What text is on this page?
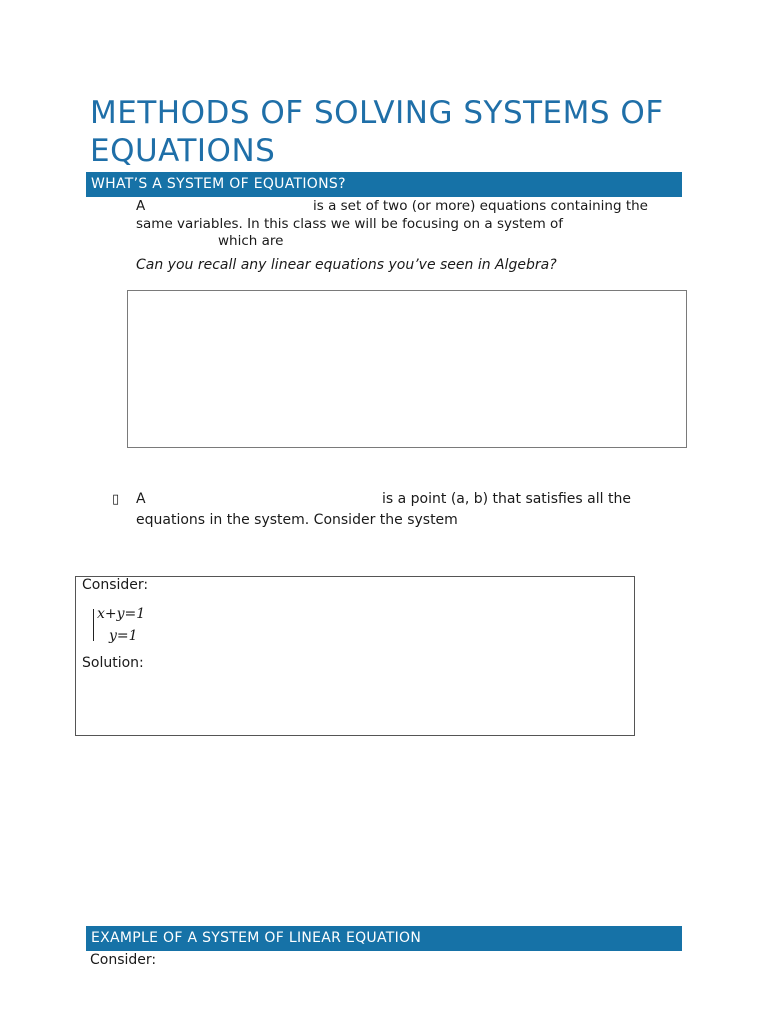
METHODS OF SOLVING SYSTEMS OF EQUATIONS
WHAT’S A SYSTEM OF EQUATIONS?
A	is a set of two (or more) equations containing the
same variables. In this class we will be focusing on a system of
which are
Can you recall any linear equations you’ve seen in Algebra?
▯ A	is a point (a, b) that satisfies all the
equations in the system. Consider the system
Consider:
x+y=1
y=1
Solution:
EXAMPLE OF A SYSTEM OF LINEAR EQUATION
Consider:
